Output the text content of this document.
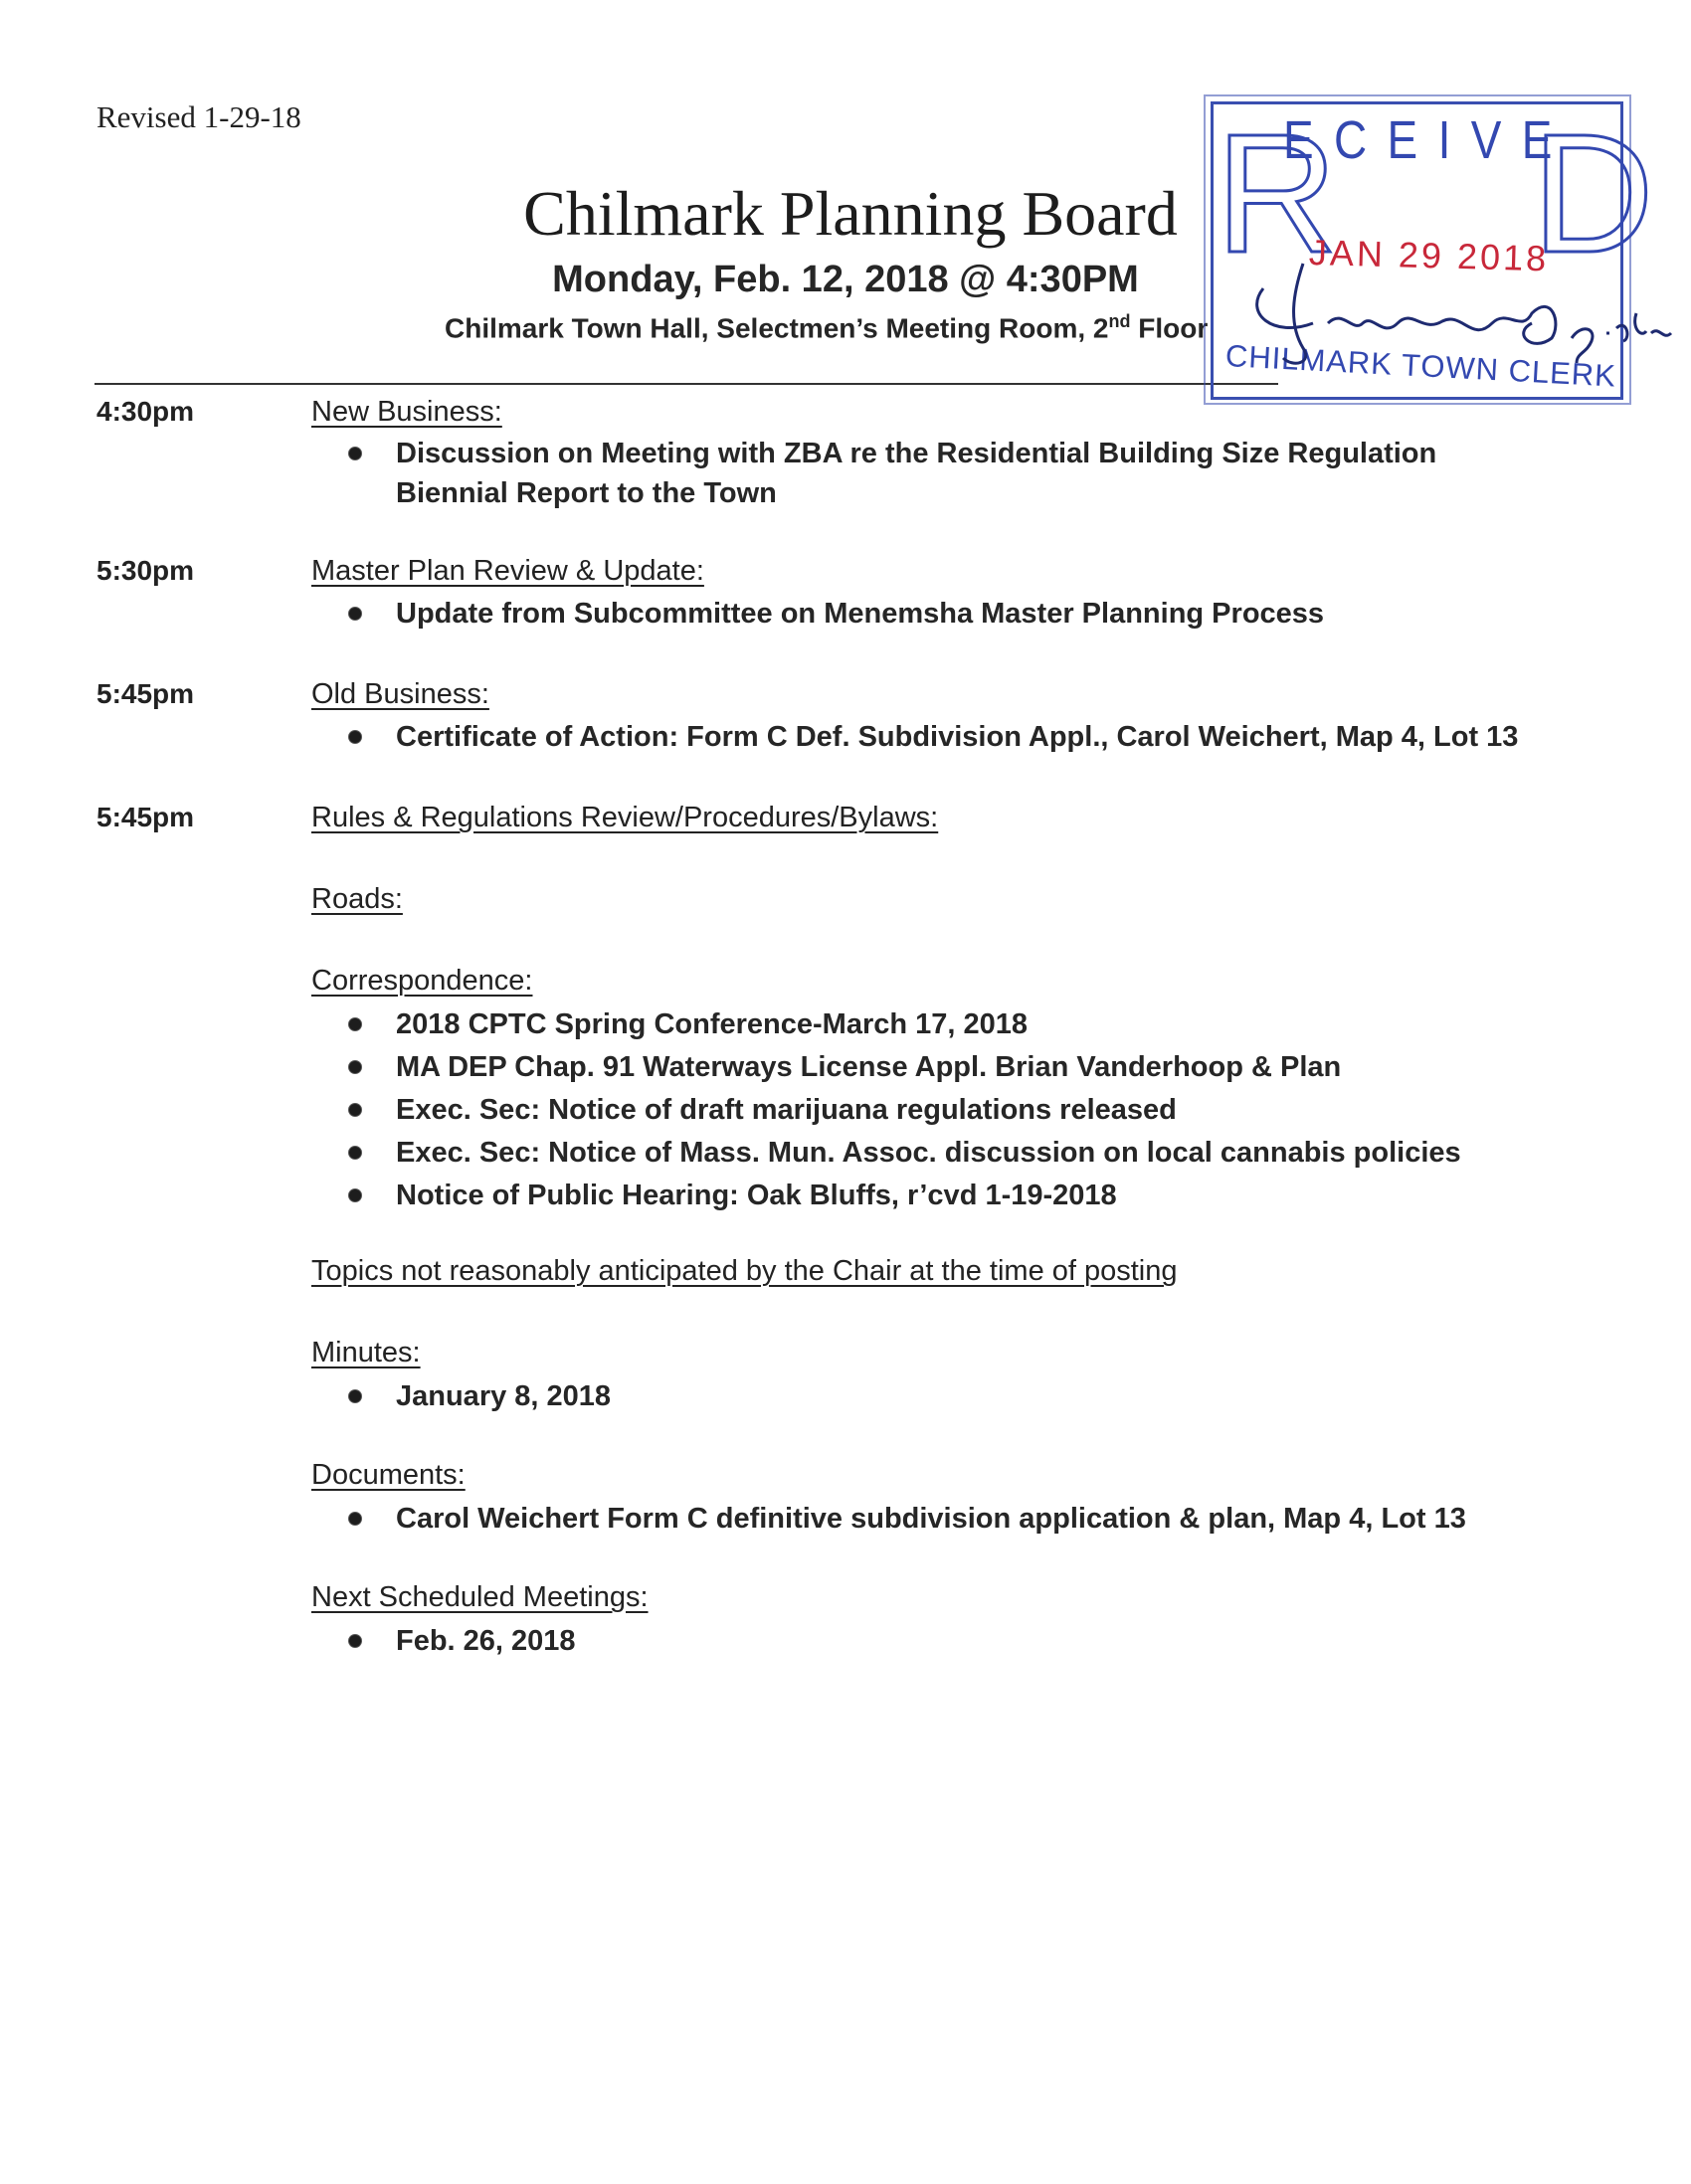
Revised 1-29-18
Chilmark Planning Board
Monday, Feb. 12, 2018 @ 4:30PM
Chilmark Town Hall, Selectmen’s Meeting Room, 2nd Floor
R
ECEIVE
D
JAN 29 2018
CHILMARK TOWN CLERK
4:30pm	New Business:
Discussion on Meeting with ZBA re the Residential Building Size Regulation
Biennial Report to the Town
5:30pm	Master Plan Review & Update:
Update from Subcommittee on Menemsha Master Planning Process
5:45pm	Old Business:
Certificate of Action: Form C Def. Subdivision Appl., Carol Weichert, Map 4, Lot 13
5:45pm	Rules & Regulations Review/Procedures/Bylaws:
Roads:
Correspondence:
2018 CPTC Spring Conference-March 17, 2018
MA DEP Chap. 91 Waterways License Appl. Brian Vanderhoop & Plan
Exec. Sec: Notice of draft marijuana regulations released
Exec. Sec: Notice of Mass. Mun. Assoc. discussion on local cannabis policies
Notice of Public Hearing: Oak Bluffs, r’cvd 1-19-2018
Topics not reasonably anticipated by the Chair at the time of posting
Minutes:
January 8, 2018
Documents:
Carol Weichert Form C definitive subdivision application & plan, Map 4, Lot 13
Next Scheduled Meetings:
Feb. 26, 2018
